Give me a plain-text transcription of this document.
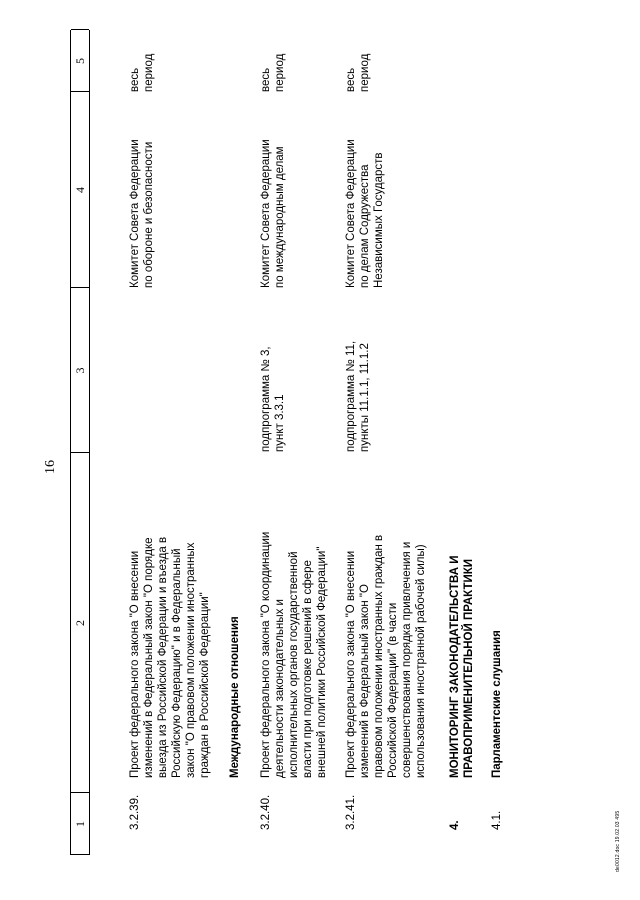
16
1
2
3
4
5
3.2.39.
Проект федерального закона "О внесении
изменений в Федеральный закон "О порядке
выезда из Российской Федерации и въезда в
Российскую Федерацию" и в Федеральный
закон "О правовом положении иностранных
граждан в Российской Федерации"
Комитет Совета Федерации
по обороне и безопасности
весь
период
Международные отношения
3.2.40.
Проект федерального закона "О координации
деятельности законодательных и
исполнительных органов государственной
власти при подготовке решений в сфере
внешней политики Российской Федерации"
подпрограмма № 3,
пункт 3.3.1
Комитет Совета Федерации
по международным делам
весь
период
3.2.41.
Проект федерального закона "О внесении
изменений в Федеральный закон "О
правовом положении иностранных граждан в
Российской Федерации" (в части
совершенствования порядка привлечения и
использования иностранной рабочей силы)
подпрограмма № 11,
пункты 11.1.1, 11.1.2
Комитет Совета Федерации
по делам Содружества
Независимых Государств
весь
период
4.
МОНИТОРИНГ ЗАКОНОДАТЕЛЬСТВА И
ПРАВОПРИМЕНИТЕЛЬНОЙ ПРАКТИКИ
4.1.
Парламентские слушания
de0012.doc 19.02.03 495
